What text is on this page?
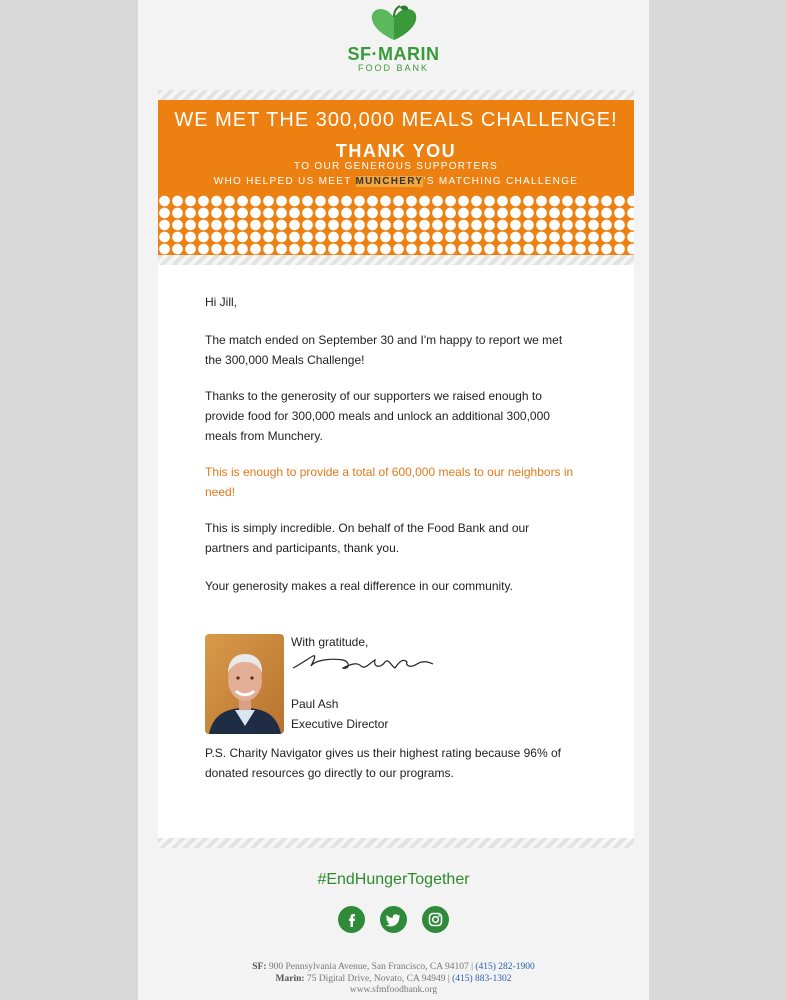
SF·MARIN
FOOD BANK
WE MET THE 300,000 MEALS CHALLENGE!
THANK YOU
TO OUR GENEROUS SUPPORTERS
WHO HELPED US MEET MUNCHERY’S MATCHING CHALLENGE

Hi Jill,

The match ended on September 30 and I'm happy to report we met the 300,000 Meals Challenge!

Thanks to the generosity of our supporters we raised enough to provide food for 300,000 meals and unlock an additional 300,000 meals from Munchery.

This is enough to provide a total of 600,000 meals to our neighbors in need!

This is simply incredible. On behalf of the Food Bank and our partners and participants, thank you.

Your generosity makes a real difference in our community.

With gratitude,
Paul Ash
Executive Director

P.S. Charity Navigator gives us their highest rating because 96% of donated resources go directly to our programs.

#EndHungerTogether
SF: 900 Pennsylvania Avenue, San Francisco, CA 94107 | (415) 282-1900
Marin: 75 Digital Drive, Novato, CA 94949 | (415) 883-1302
www.sfmfoodbank.org
